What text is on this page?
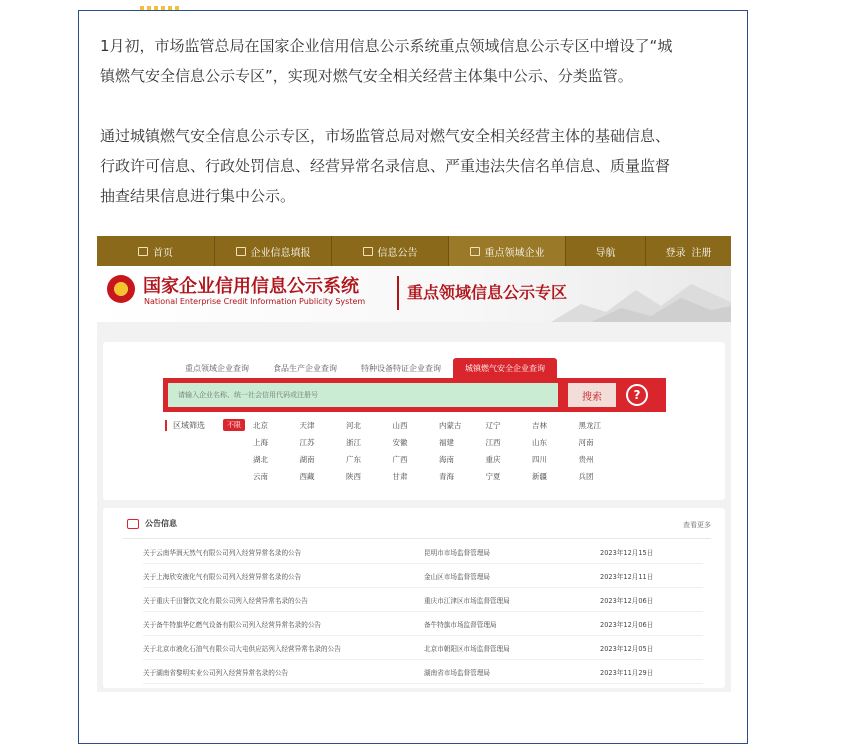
1月初，市场监管总局在国家企业信用信息公示系统重点领域信息公示专区中增设了“城
镇燃气安全信息公示专区”，实现对燃气安全相关经营主体集中公示、分类监管。
通过城镇燃气安全信息公示专区，市场监管总局对燃气安全相关经营主体的基础信息、
行政许可信息、行政处罚信息、经营异常名录信息、严重违法失信名单信息、质量监督
抽查结果信息进行集中公示。
首页	企业信息填报	信息公告	重点领域企业	导航	登录 注册
国家企业信用信息公示系统
National Enterprise Credit Information Publicity System	重点领域信息公示专区
重点领域企业查询	食品生产企业查询	特种设备特证企业查询	城镇燃气安全企业查询
请输入企业名称、统一社会信用代码或注册号
搜索	?
区域筛选	不限	北京	天津	河北	山西	内蒙古	辽宁	吉林	黑龙江
上海	江苏	浙江	安徽	福建	江西	山东	河南
湖北	湖南	广东	广西	海南	重庆	四川	贵州
云南	西藏	陕西	甘肃	青海	宁夏	新疆	兵团
公告信息	查看更多
关于云南华润天然气有限公司列入经营异常名录的公告	昆明市市场监督管理局	2023年12月15日
关于上海欣安液化气有限公司列入经营异常名录的公告	金山区市场监督管理局	2023年12月11日
关于重庆千田餐饮文化有限公司列入经营异常名录的公告	重庆市江津区市场监督管理局	2023年12月06日
关于备牛特旗华亿燃气设备有限公司列入经营异常名录的公告	备牛特旗市场监督管理局	2023年12月06日
关于北京市液化石油气有限公司大屯供应站列入经营异常名录的公告	北京市朝阳区市场监督管理局	2023年12月05日
关于湖南省黎明实业公司列入经营异常名录的公告	湖南省市场监督管理局	2023年11月29日
